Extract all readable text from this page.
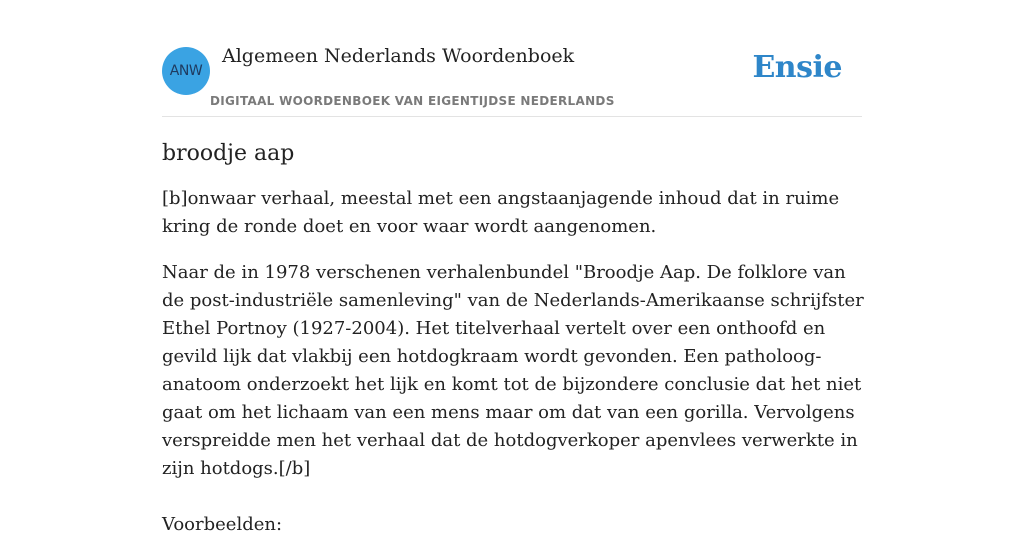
ANW
Algemeen Nederlands Woordenboek
DIGITAAL WOORDENBOEK VAN EIGENTIJDSE NEDERLANDS
Ensie
broodje aap

[b]onwaar verhaal, meestal met een angstaanjagende inhoud dat in ruime kring de ronde doet en voor waar wordt aangenomen.

Naar de in 1978 verschenen verhalenbundel "Broodje Aap. De folklore van de post-industriële samenleving" van de Nederlands-Amerikaanse schrijfster Ethel Portnoy (1927-2004). Het titelverhaal vertelt over een onthoofd en gevild lijk dat vlakbij een hotdogkraam wordt gevonden. Een patholoog-anatoom onderzoekt het lijk en komt tot de bijzondere conclusie dat het niet gaat om het lichaam van een mens maar om dat van een gorilla. Vervolgens verspreidde men het verhaal dat de hotdogverkoper apenvlees verwerkte in zijn hotdogs.[/b]

Voorbeelden:
